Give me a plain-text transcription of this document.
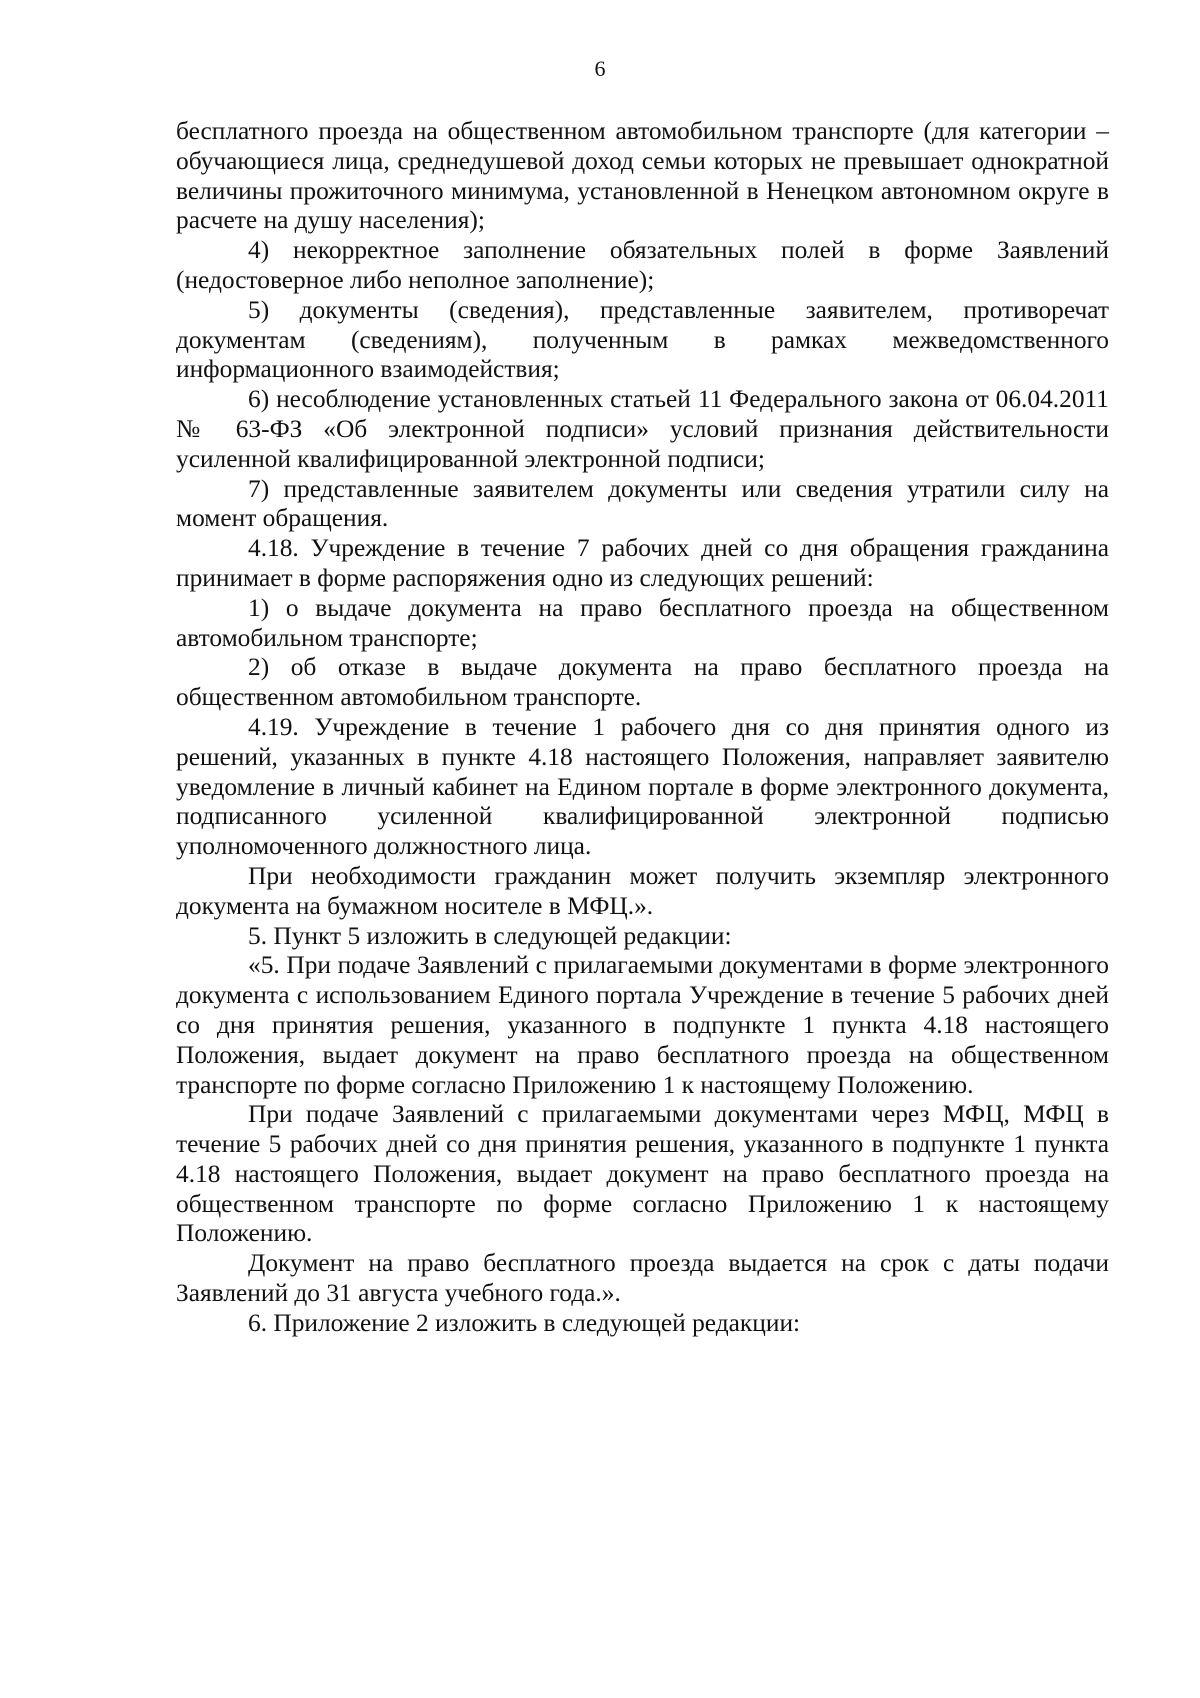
6

бесплатного проезда на общественном автомобильном транспорте (для категории – обучающиеся лица, среднедушевой доход семьи которых не превышает однократной величины прожиточного минимума, установленной в Ненецком автономном округе в расчете на душу населения);

4) некорректное заполнение обязательных полей в форме Заявлений (недостоверное либо неполное заполнение);

5) документы (сведения), представленные заявителем, противоречат документам (сведениям), полученным в рамках межведомственного информационного взаимодействия;

6) несоблюдение установленных статьей 11 Федерального закона от 06.04.2011 № 63-ФЗ «Об электронной подписи» условий признания действительности усиленной квалифицированной электронной подписи;

7) представленные заявителем документы или сведения утратили силу на момент обращения.

4.18. Учреждение в течение 7 рабочих дней со дня обращения гражданина принимает в форме распоряжения одно из следующих решений:

1) о выдаче документа на право бесплатного проезда на общественном автомобильном транспорте;

2) об отказе в выдаче документа на право бесплатного проезда на общественном автомобильном транспорте.

4.19. Учреждение в течение 1 рабочего дня со дня принятия одного из решений, указанных в пункте 4.18 настоящего Положения, направляет заявителю уведомление в личный кабинет на Едином портале в форме электронного документа, подписанного усиленной квалифицированной электронной подписью уполномоченного должностного лица.

При необходимости гражданин может получить экземпляр электронного документа на бумажном носителе в МФЦ.».

5. Пункт 5 изложить в следующей редакции:

«5. При подаче Заявлений с прилагаемыми документами в форме электронного документа с использованием Единого портала Учреждение в течение 5 рабочих дней со дня принятия решения, указанного в подпункте 1 пункта 4.18 настоящего Положения, выдает документ на право бесплатного проезда на общественном транспорте по форме согласно Приложению 1 к настоящему Положению.

При подаче Заявлений с прилагаемыми документами через МФЦ, МФЦ в течение 5 рабочих дней со дня принятия решения, указанного в подпункте 1 пункта 4.18 настоящего Положения, выдает документ на право бесплатного проезда на общественном транспорте по форме согласно Приложению 1 к настоящему Положению.

Документ на право бесплатного проезда выдается на срок с даты подачи Заявлений до 31 августа учебного года.».

6. Приложение 2 изложить в следующей редакции:
